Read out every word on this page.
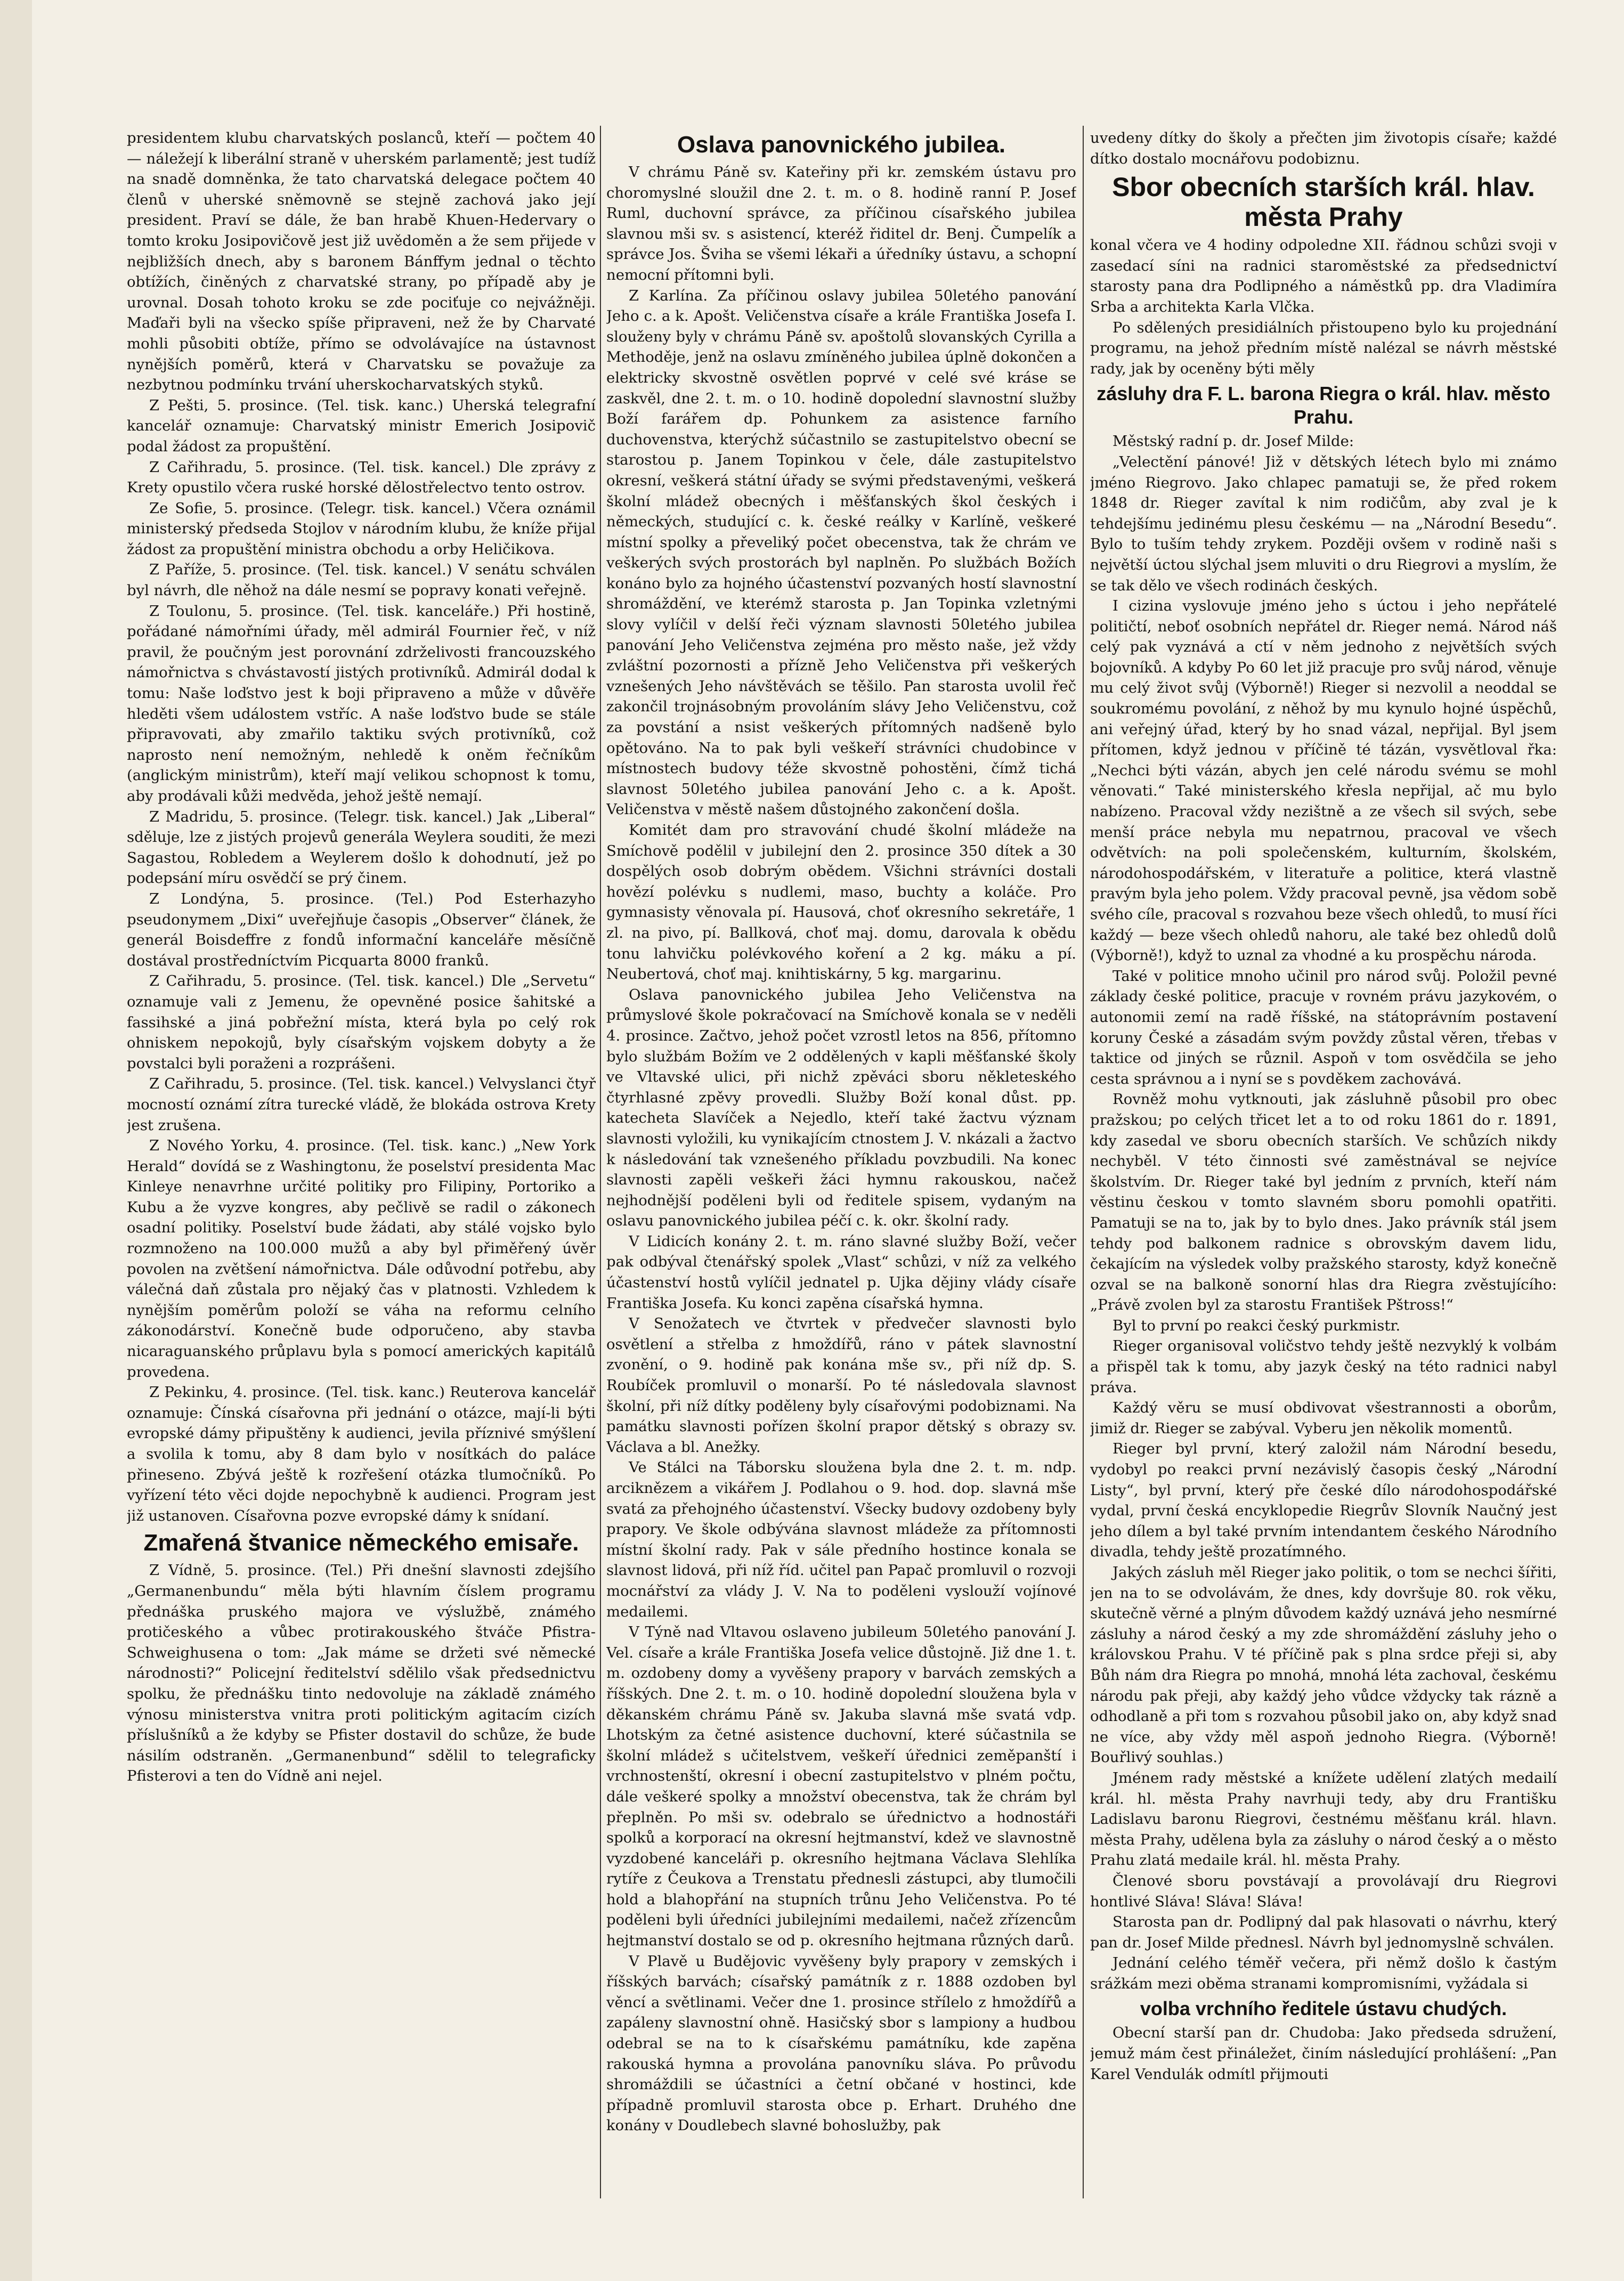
presidentem klubu charvatských poslanců, kteří — počtem 40 — náležejí k liberální straně v uherském parlamentě; jest tudíž na snadě domněnka, že tato charvatská delegace počtem 40 členů v uherské sněmovně se stejně zachová jako její president. Praví se dále, že ban hrabě Khuen-Hedervary o tomto kroku Josipovičově jest již uvědoměn a že sem přijede v nejbližších dnech, aby s baronem Bánffym jednal o těchto obtížích, činěných z charvatské strany, po případě aby je urovnal. Dosah tohoto kroku se zde pociťuje co nejvážněji. Maďaři byli na všecko spíše připraveni, než že by Charvaté mohli působiti obtíže, přímo se odvolávajíce na ústavnost nynějších poměrů, která v Charvatsku se považuje za nezbytnou podmínku trvání uherskocharvatských styků.

Z Pešti, 5. prosince. (Tel. tisk. kanc.) Uherská telegrafní kancelář oznamuje: Charvatský ministr Emerich Josipovič podal žádost za propuštění.

Z Cařihradu, 5. prosince. (Tel. tisk. kancel.) Dle zprávy z Krety opustilo včera ruské horské dělostřelectvo tento ostrov.

Ze Sofie, 5. prosince. (Telegr. tisk. kancel.) Včera oznámil ministerský předseda Stojlov v národním klubu, že kníže přijal žádost za propuštění ministra obchodu a orby Heličikova.

Z Paříže, 5. prosince. (Tel. tisk. kancel.) V senátu schválen byl návrh, dle něhož na dále nesmí se popravy konati veřejně.

Z Toulonu, 5. prosince. (Tel. tisk. kanceláře.) Při hostině, pořádané námořními úřady, měl admirál Fournier řeč, v níž pravil, že poučným jest porovnání zdrželivosti francouzského námořnictva s chvástavostí jistých protivníků. Admirál dodal k tomu: Naše loďstvo jest k boji připraveno a může v důvěře hleděti všem událostem vstříc. A naše loďstvo bude se stále připravovati, aby zmařilo taktiku svých protivníků, což naprosto není nemožným, nehledě k oněm řečníkům (anglickým ministrům), kteří mají velikou schopnost k tomu, aby prodávali kůži medvěda, jehož ještě nemají.

Z Madridu, 5. prosince. (Telegr. tisk. kancel.) Jak „Liberal“ sděluje, lze z jistých projevů generála Weylera souditi, že mezi Sagastou, Robledem a Weylerem došlo k dohodnutí, jež po podepsání míru osvědčí se prý činem.

Z Londýna, 5. prosince. (Tel.) Pod Esterhazyho pseudonymem „Dixi“ uveřejňuje časopis „Observer“ článek, že generál Boisdeffre z fondů informační kanceláře měsíčně dostával prostředníctvím Picquarta 8000 franků.

Z Cařihradu, 5. prosince. (Tel. tisk. kancel.) Dle „Servetu“ oznamuje vali z Jemenu, že opevněné posice šahitské a fassihské a jiná pobřežní místa, která byla po celý rok ohniskem nepokojů, byly císařským vojskem dobyty a že povstalci byli poraženi a rozprášeni.

Z Cařihradu, 5. prosince. (Tel. tisk. kancel.) Velvyslanci čtyř mocností oznámí zítra turecké vládě, že blokáda ostrova Krety jest zrušena.

Z Nového Yorku, 4. prosince. (Tel. tisk. kanc.) „New York Herald“ dovídá se z Washingtonu, že poselství presidenta Mac Kinleye nenavrhne určité politiky pro Filipiny, Portoriko a Kubu a že vyzve kongres, aby pečlivě se radil o zákonech osadní politiky. Poselství bude žádati, aby stálé vojsko bylo rozmnoženo na 100.000 mužů a aby byl přiměřený úvěr povolen na zvětšení námořnictva. Dále odůvodní potřebu, aby válečná daň zůstala pro nějaký čas v platnosti. Vzhledem k nynějším poměrům položí se váha na reformu celního zákonodárství. Konečně bude odporučeno, aby stavba nicaraguanského průplavu byla s pomocí amerických kapitálů provedena.

Z Pekinku, 4. prosince. (Tel. tisk. kanc.) Reuterova kancelář oznamuje: Čínská císařovna při jednání o otázce, mají-li býti evropské dámy připuštěny k audienci, jevila příznivé smýšlení a svolila k tomu, aby 8 dam bylo v nosítkách do paláce přineseno. Zbývá ještě k rozřešení otázka tlumočníků. Po vyřízení této věci dojde nepochybně k audienci. Program jest již ustanoven. Císařovna pozve evropské dámy k snídaní.

Zmařená štvanice německého emisaře.

Z Vídně, 5. prosince. (Tel.) Při dnešní slavnosti zdejšího „Germanenbundu“ měla býti hlavním číslem programu přednáška pruského majora ve výslužbě, známého protičeského a vůbec protirakouského štváče Pfistra-Schweighusena o tom: „Jak máme se držeti své německé národnosti?“ Policejní ředitelství sdělilo však předsednictvu spolku, že přednášku tinto nedovoluje na základě známého výnosu ministerstva vnitra proti politickým agitacím cizích příslušníků a že kdyby se Pfister dostavil do schůze, že bude násilím odstraněn. „Germanenbund“ sdělil to telegraficky Pfisterovi a ten do Vídně ani nejel.

Oslava panovnického jubilea.

V chrámu Páně sv. Kateřiny při kr. zemském ústavu pro choromyslné sloužil dne 2. t. m. o 8. hodině ranní P. Josef Ruml, duchovní správce, za příčinou císařského jubilea slavnou mši sv. s asistencí, kteréž řiditel dr. Benj. Čumpelík a správce Jos. Šviha se všemi lékaři a úředníky ústavu, a schopní nemocní přítomni byli.

Z Karlína. Za příčinou oslavy jubilea 50letého panování Jeho c. a k. Apošt. Veličenstva císaře a krále Františka Josefa I. slouženy byly v chrámu Páně sv. apoštolů slovanských Cyrilla a Methoděje, jenž na oslavu zmíněného jubilea úplně dokončen a elektricky skvostně osvětlen poprvé v celé své kráse se zaskvěl, dne 2. t. m. o 10. hodině dopolední slavnostní služby Boží farářem dp. Pohunkem za asistence farního duchovenstva, kterýchž súčastnilo se zastupitelstvo obecní se starostou p. Janem Topinkou v čele, dále zastupitelstvo okresní, veškerá státní úřady se svými představenými, veškerá školní mládež obecných i měšťanských škol českých i německých, studující c. k. české reálky v Karlíně, veškeré místní spolky a převeliký počet obecenstva, tak že chrám ve veškerých svých prostorách byl naplněn. Po službách Božích konáno bylo za hojného účastenství pozvaných hostí slavnostní shromáždění, ve kterémž starosta p. Jan Topinka vzletnými slovy vylíčil v delší řeči význam slavnosti 50letého jubilea panování Jeho Veličenstva zejména pro město naše, jež vždy zvláštní pozornosti a přízně Jeho Veličenstva při veškerých vznešených Jeho návštěvách se těšilo. Pan starosta uvolil řeč zakončil trojnásobným provoláním slávy Jeho Veličenstvu, což za povstání a nsist veškerých přítomných nadšeně bylo opětováno. Na to pak byli veškeří strávníci chudobince v místnostech budovy téže skvostně pohostěni, čímž tichá slavnost 50letého jubilea panování Jeho c. a k. Apošt. Veličenstva v městě našem důstojného zakončení došla.

Komitét dam pro stravování chudé školní mládeže na Smíchově podělil v jubilejní den 2. prosince 350 dítek a 30 dospělých osob dobrým obědem. Všichni strávníci dostali hovězí polévku s nudlemi, maso, buchty a koláče. Pro gymnasisty věnovala pí. Hausová, choť okresního sekretáře, 1 zl. na pivo, pí. Ballková, choť maj. domu, darovala k obědu tonu lahvičku polévkového koření a 2 kg. máku a pí. Neubertová, choť maj. knihtiskárny, 5 kg. margarinu.

Oslava panovnického jubilea Jeho Veličenstva na průmyslové škole pokračovací na Smíchově konala se v neděli 4. prosince. Začtvo, jehož počet vzrostl letos na 856, přítomno bylo službám Božím ve 2 oddělených v kapli měšťanské školy ve Vltavské ulici, při nichž zpěváci sboru někleteského čtyrhlasné zpěvy provedli. Služby Boží konal důst. pp. katecheta Slavíček a Nejedlo, kteří také žactvu význam slavnosti vyložili, ku vynikajícím ctnostem J. V. nkázali a žactvo k následování tak vznešeného příkladu povzbudili. Na konec slavnosti zapěli veškeři žáci hymnu rakouskou, načež nejhodnější poděleni byli od ředitele spisem, vydaným na oslavu panovnického jubilea péčí c. k. okr. školní rady.

V Lidicích konány 2. t. m. ráno slavné služby Boží, večer pak odbýval čtenářský spolek „Vlast“ schůzi, v níž za velkého účastenství hostů vylíčil jednatel p. Ujka dějiny vlády císaře Františka Josefa. Ku konci zapěna císařská hymna.

V Senožatech ve čtvrtek v předvečer slavnosti bylo osvětlení a střelba z hmoždířů, ráno v pátek slavnostní zvonění, o 9. hodině pak konána mše sv., při níž dp. S. Roubíček promluvil o monarší. Po té následovala slavnost školní, při níž dítky poděleny byly císařovými podobiznami. Na památku slavnosti pořízen školní prapor dětský s obrazy sv. Václava a bl. Anežky.

Ve Stálci na Táborsku sloužena byla dne 2. t. m. ndp. arciknězem a vikářem J. Podlahou o 9. hod. dop. slavná mše svatá za přehojného účastenství. Všecky budovy ozdobeny byly prapory. Ve škole odbývána slavnost mládeže za přítomnosti místní školní rady. Pak v sále předního hostince konala se slavnost lidová, při níž říd. učitel pan Papač promluvil o rozvoji mocnářství za vlády J. V. Na to poděleni vyslouží vojínové medailemi.

V Týně nad Vltavou oslaveno jubileum 50letého panování J. Vel. císaře a krále Františka Josefa velice důstojně. Již dne 1. t. m. ozdobeny domy a vyvěšeny prapory v barvách zemských a říšských. Dne 2. t. m. o 10. hodině dopolední sloužena byla v děkanském chrámu Páně sv. Jakuba slavná mše svatá vdp. Lhotským za četné asistence duchovní, které súčastnila se školní mládež s učitelstvem, veškeří úřednici zeměpanští i vrchnostenští, okresní i obecní zastupitelstvo v plném počtu, dále veškeré spolky a množství obecenstva, tak že chrám byl přeplněn. Po mši sv. odebralo se úřednictvo a hodnostáři spolků a korporací na okresní hejtmanství, kdež ve slavnostně vyzdobené kanceláři p. okresního hejtmana Václava Slehlíka rytíře z Čeukova a Trenstatu přednesli zástupci, aby tlumočili hold a blahopřání na stupních trůnu Jeho Veličenstva. Po té poděleni byli úředníci jubilejními medailemi, načež zřízencům hejtmanství dostalo se od p. okresního hejtmana různých darů.

V Plavě u Budějovic vyvěšeny byly prapory v zemských i říšských barvách; císařský památník z r. 1888 ozdoben byl věncí a světlinami. Večer dne 1. prosince střílelo z hmoždířů a zapáleny slavnostní ohně. Hasičský sbor s lampiony a hudbou odebral se na to k císařskému památníku, kde zapěna rakouská hymna a provolána panovníku sláva. Po průvodu shromáždili se účastníci a četní občané v hostinci, kde případně promluvil starosta obce p. Erhart. Druhého dne konány v Doudlebech slavné bohoslužby, pak

uvedeny dítky do školy a přečten jim životopis císaře; každé dítko dostalo mocnářovu podobiznu.

Sbor obecních starších král. hlav. města Prahy

konal včera ve 4 hodiny odpoledne XII. řádnou schůzi svoji v zasedací síni na radnici staroměstské za předsednictví starosty pana dra Podlipného a náměstků pp. dra Vladimíra Srba a architekta Karla Vlčka.

Po sdělených presidiálních přistoupeno bylo ku projednání programu, na jehož předním místě nalézal se návrh městské rady, jak by oceněny býti měly

zásluhy dra F. L. barona Riegra o král. hlav. město Prahu.

Městský radní p. dr. Josef Milde:

„Velectění pánové! Již v dětských létech bylo mi známo jméno Riegrovo. Jako chlapec pamatuji se, že před rokem 1848 dr. Rieger zavítal k nim rodičům, aby zval je k tehdejšímu jedinému plesu českému — na „Národní Besedu“. Bylo to tuším tehdy zrykem. Později ovšem v rodině naši s největší úctou slýchal jsem mluviti o dru Riegrovi a myslím, že se tak dělo ve všech rodinách českých.

I cizina vyslovuje jméno jeho s úctou i jeho nepřátelé političtí, neboť osobních nepřátel dr. Rieger nemá. Národ náš celý pak vyznává a ctí v něm jednoho z největších svých bojovníků. A kdyby Po 60 let již pracuje pro svůj národ, věnuje mu celý život svůj (Výborně!) Rieger si nezvolil a neoddal se soukromému povolání, z něhož by mu kynulo hojné úspěchů, ani veřejný úřad, který by ho snad vázal, nepřijal. Byl jsem přítomen, když jednou v příčině té tázán, vysvětloval řka: „Nechci býti vázán, abych jen celé národu svému se mohl věnovati.“ Také ministerského křesla nepřijal, ač mu bylo nabízeno. Pracoval vždy nezištně a ze všech sil svých, sebe menší práce nebyla mu nepatrnou, pracoval ve všech odvětvích: na poli společenském, kulturním, školském, národohospodářském, v literatuře a politice, která vlastně pravým byla jeho polem. Vždy pracoval pevně, jsa vědom sobě svého cíle, pracoval s rozvahou beze všech ohledů, to musí říci každý — beze všech ohledů nahoru, ale také bez ohledů dolů (Výborně!), když to uznal za vhodné a ku prospěchu národa.

Také v politice mnoho učinil pro národ svůj. Položil pevné základy české politice, pracuje v rovném právu jazykovém, o autonomii zemí na radě říšské, na státoprávním postavení koruny České a zásadám svým povždy zůstal věren, třebas v taktice od jiných se různil. Aspoň v tom osvědčila se jeho cesta správnou a i nyní se s povděkem zachovává.

Rovněž mohu vytknouti, jak zásluhně působil pro obec pražskou; po celých třicet let a to od roku 1861 do r. 1891, kdy zasedal ve sboru obecních starších. Ve schůzích nikdy nechyběl. V této činnosti své zaměstnával se nejvíce školstvím. Dr. Rieger také byl jedním z prvních, kteří nám věstinu českou v tomto slavném sboru pomohli opatřiti. Pamatuji se na to, jak by to bylo dnes. Jako právník stál jsem tehdy pod balkonem radnice s obrovským davem lidu, čekajícím na výsledek volby pražského starosty, když konečně ozval se na balkoně sonorní hlas dra Riegra zvěstujícího: „Právě zvolen byl za starostu František Pštross!“

Byl to první po reakci český purkmistr.

Rieger organisoval voličstvo tehdy ještě nezvyklý k volbám a přispěl tak k tomu, aby jazyk český na této radnici nabyl práva.

Každý věru se musí obdivovat všestrannosti a oborům, jimiž dr. Rieger se zabýval. Vyberu jen několik momentů.

Rieger byl první, který založil nám Národní besedu, vydobyl po reakci první nezávislý časopis český „Národní Listy“, byl první, který pře české dílo národohospodářské vydal, první česká encyklopedie Riegrův Slovník Naučný jest jeho dílem a byl také prvním intendantem českého Národního divadla, tehdy ještě prozatímného.

Jakých zásluh měl Rieger jako politik, o tom se nechci šířiti, jen na to se odvolávám, že dnes, kdy dovršuje 80. rok věku, skutečně věrné a plným důvodem každý uznává jeho nesmírné zásluhy a národ český a my zde shromáždění zásluhy jeho o královskou Prahu. V té příčině pak s plna srdce přeji si, aby Bůh nám dra Riegra po mnohá, mnohá léta zachoval, českému národu pak přeji, aby každý jeho vůdce vždycky tak rázně a odhodlaně a při tom s rozvahou působil jako on, aby když snad ne více, aby vždy měl aspoň jednoho Riegra. (Výborně! Bouřlivý souhlas.)

Jménem rady městské a knížete udělení zlatých medailí král. hl. města Prahy navrhuji tedy, aby dru Františku Ladislavu baronu Riegrovi, čestnému měšťanu král. hlavn. města Prahy, udělena byla za zásluhy o národ český a o město Prahu zlatá medaile král. hl. města Prahy.

Členové sboru povstávají a provolávají dru Riegrovi hontlivé Sláva! Sláva! Sláva!

Starosta pan dr. Podlipný dal pak hlasovati o návrhu, který pan dr. Josef Milde přednesl. Návrh byl jednomyslně schválen.

Jednání celého téměř večera, při němž došlo k častým srážkám mezi oběma stranami kompromisními, vyžádala si

volba vrchního ředitele ústavu chudých.

Obecní starší pan dr. Chudoba: Jako předseda sdružení, jemuž mám čest přináležet, činím následující prohlášení: „Pan Karel Vendulák odmítl přijmouti
